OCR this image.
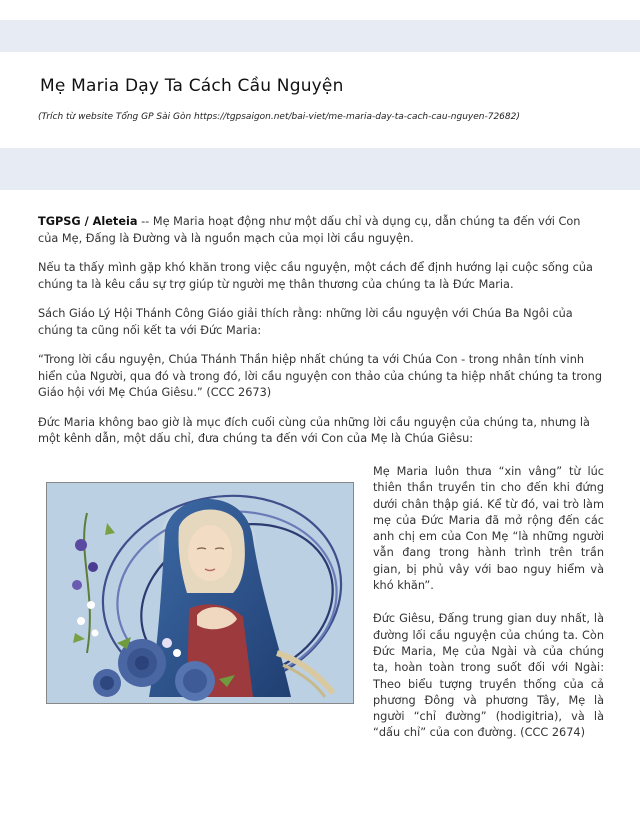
Mẹ Maria Dạy Ta Cách Cầu Nguyện
(Trích từ website Tổng GP Sài Gòn https://tgpsaigon.net/bai-viet/me-maria-day-ta-cach-cau-nguyen-72682)

TGPSG / Aleteia -- Mẹ Maria hoạt động như một dấu chỉ và dụng cụ, dẫn chúng ta đến với Con của Mẹ, Đấng là Đường và là nguồn mạch của mọi lời cầu nguyện.

Nếu ta thấy mình gặp khó khăn trong việc cầu nguyện, một cách để định hướng lại cuộc sống của chúng ta là kêu cầu sự trợ giúp từ người mẹ thân thương của chúng ta là Đức Maria.

Sách Giáo Lý Hội Thánh Công Giáo giải thích rằng: những lời cầu nguyện với Chúa Ba Ngôi của chúng ta cũng nối kết ta với Đức Maria:

“Trong lời cầu nguyện, Chúa Thánh Thần hiệp nhất chúng ta với Chúa Con - trong nhân tính vinh hiển của Người, qua đó và trong đó, lời cầu nguyện con thảo của chúng ta hiệp nhất chúng ta trong Giáo hội với Mẹ Chúa Giêsu.” (CCC 2673)

Đức Maria không bao giờ là mục đích cuối cùng của những lời cầu nguyện của chúng ta, nhưng là một kênh dẫn, một dấu chỉ, đưa chúng ta đến với Con của Mẹ là Chúa Giêsu:

Mẹ Maria luôn thưa “xin vâng” từ lúc thiên thần truyền tin cho đến khi đứng dưới chân thập giá. Kể từ đó, vai trò làm mẹ của Đức Maria đã mở rộng đến các anh chị em của Con Mẹ “là những người vẫn đang trong hành trình trên trần gian, bị phủ vây với bao nguy hiểm và khó khăn”.

Đức Giêsu, Đấng trung gian duy nhất, là đường lối cầu nguyện của chúng ta. Còn Đức Maria, Mẹ của Ngài và của chúng ta, hoàn toàn trong suốt đối với Ngài: Theo biểu tượng truyền thống của cả phương Đông và phương Tây, Mẹ là người “chỉ đường” (hodigitria), và là “dấu chỉ” của con đường. (CCC 2674)
